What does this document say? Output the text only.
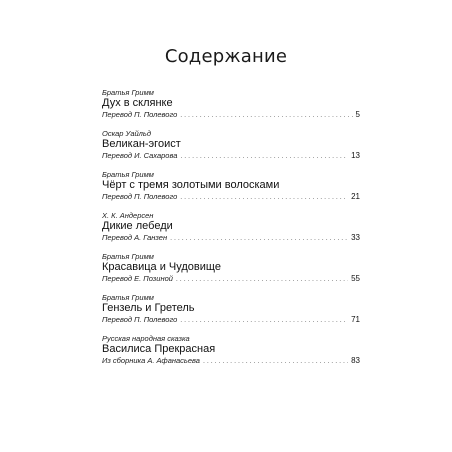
Содержание
Братья Гримм
Дух в склянке
Перевод П. Полевого . . .	5
Оскар Уайльд
Великан-эгоист
Перевод И. Сахарова . . .	13
Братья Гримм
Чёрт с тремя золотыми волосками
Перевод П. Полевого . . .	21
Х. К. Андерсен
Дикие лебеди
Перевод А. Ганзен . . .	33
Братья Гримм
Красавица и Чудовище
Перевод Е. Позиной . . .	55
Братья Гримм
Гензель и Гретель
Перевод П. Полевого . . .	71
Русская народная сказка
Василиса Прекрасная
Из сборника А. Афанасьева . . .	83
